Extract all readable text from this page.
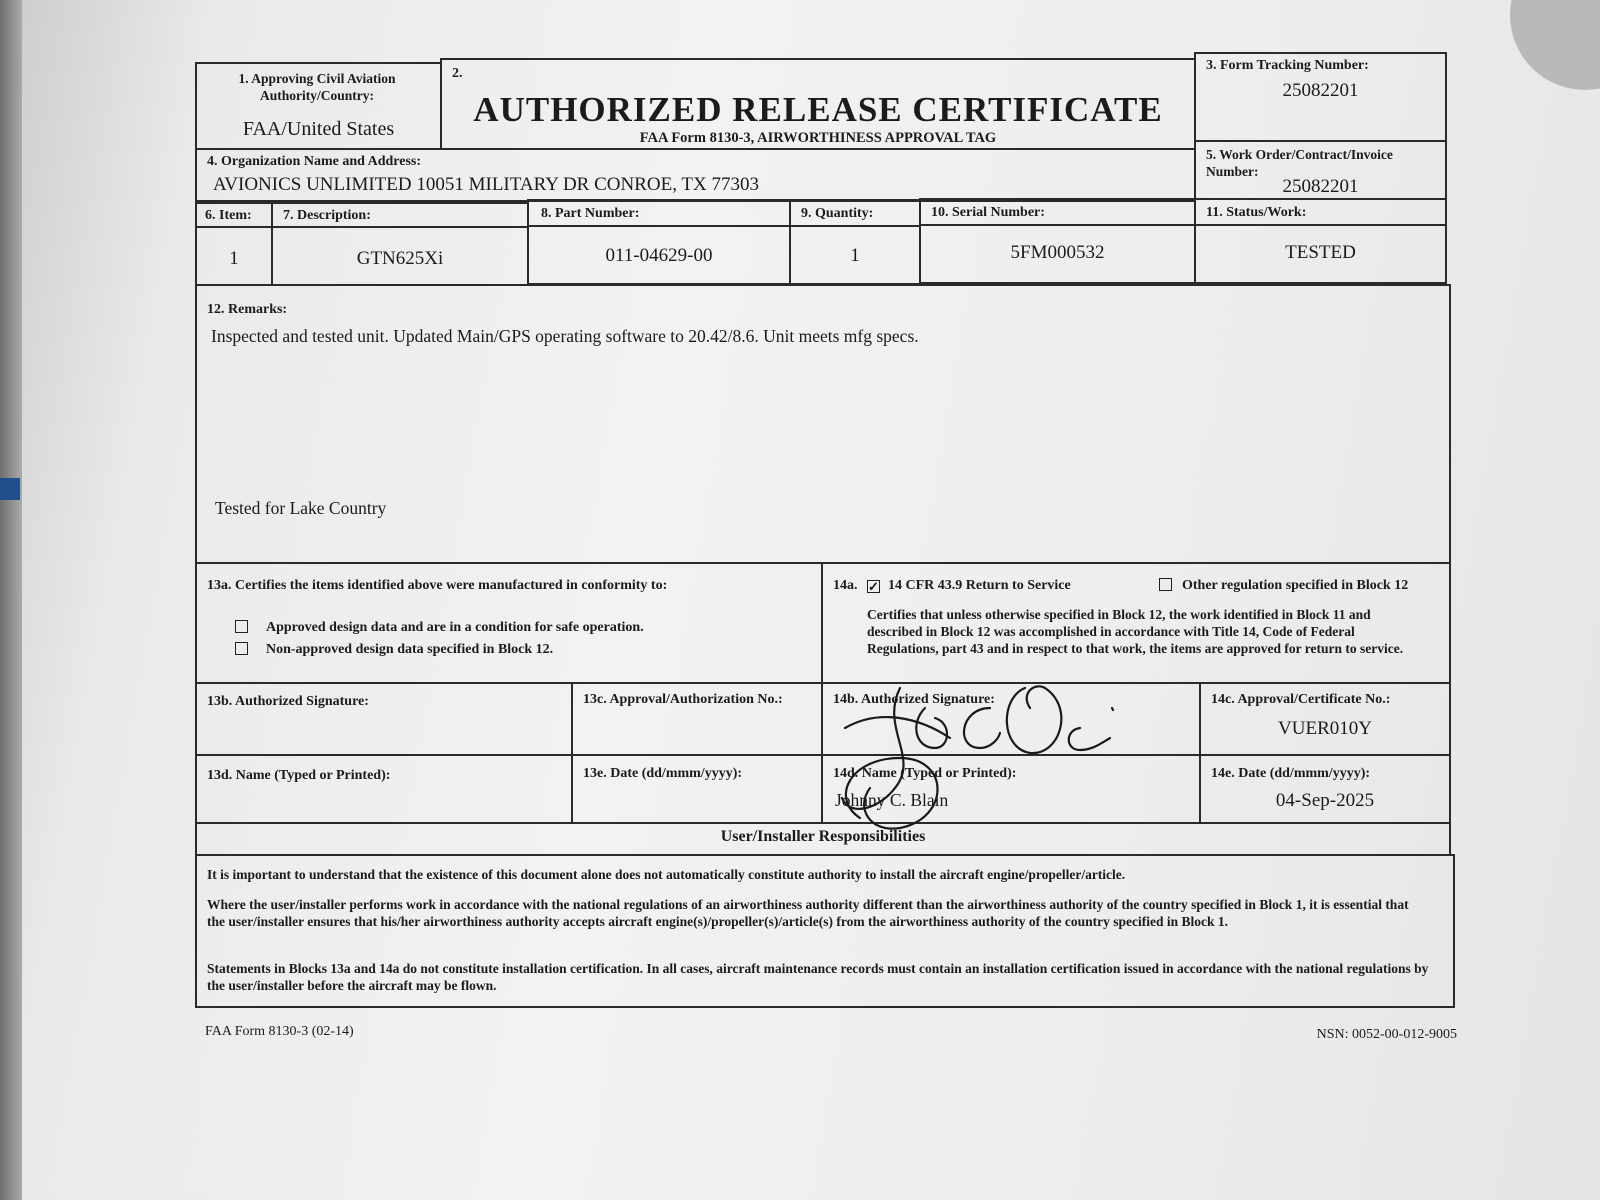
1. Approving Civil Aviation Authority/Country:
FAA/United States
2.
AUTHORIZED RELEASE CERTIFICATE
FAA Form 8130-3, AIRWORTHINESS APPROVAL TAG
3. Form Tracking Number:
25082201
4. Organization Name and Address:
AVIONICS UNLIMITED 10051 MILITARY DR CONROE, TX 77303
5. Work Order/Contract/Invoice Number:
25082201
6. Item: 7. Description:	8. Part Number:	9. Quantity:	10. Serial Number:	11. Status/Work:
1	GTN625Xi	011-04629-00	1	5FM000532	TESTED
12. Remarks:
Inspected and tested unit. Updated Main/GPS operating software to 20.42/8.6. Unit meets mfg specs.
Tested for Lake Country
13a. Certifies the items identified above were manufactured in conformity to:
Approved design data and are in a condition for safe operation.
Non-approved design data specified in Block 12.
14a. ✓ 14 CFR 43.9 Return to Service	Other regulation specified in Block 12
Certifies that unless otherwise specified in Block 12, the work identified in Block 11 and described in Block 12 was accomplished in accordance with Title 14, Code of Federal Regulations, part 43 and in respect to that work, the items are approved for return to service.
13b. Authorized Signature:	13c. Approval/Authorization No.:	14b. Authorized Signature:	14c. Approval/Certificate No.:
VUER010Y
13d. Name (Typed or Printed):	13e. Date (dd/mmm/yyyy):	14d. Name (Typed or Printed):
Johnny C. Blain
14e. Date (dd/mmm/yyyy):
04-Sep-2025
User/Installer Responsibilities
It is important to understand that the existence of this document alone does not automatically constitute authority to install the aircraft engine/propeller/article.
Where the user/installer performs work in accordance with the national regulations of an airworthiness authority different than the airworthiness authority of the country specified in Block 1, it is essential that the user/installer ensures that his/her airworthiness authority accepts aircraft engine(s)/propeller(s)/article(s) from the airworthiness authority of the country specified in Block 1.
Statements in Blocks 13a and 14a do not constitute installation certification. In all cases, aircraft maintenance records must contain an installation certification issued in accordance with the national regulations by the user/installer before the aircraft may be flown.
FAA Form 8130-3 (02-14)	NSN: 0052-00-012-9005
